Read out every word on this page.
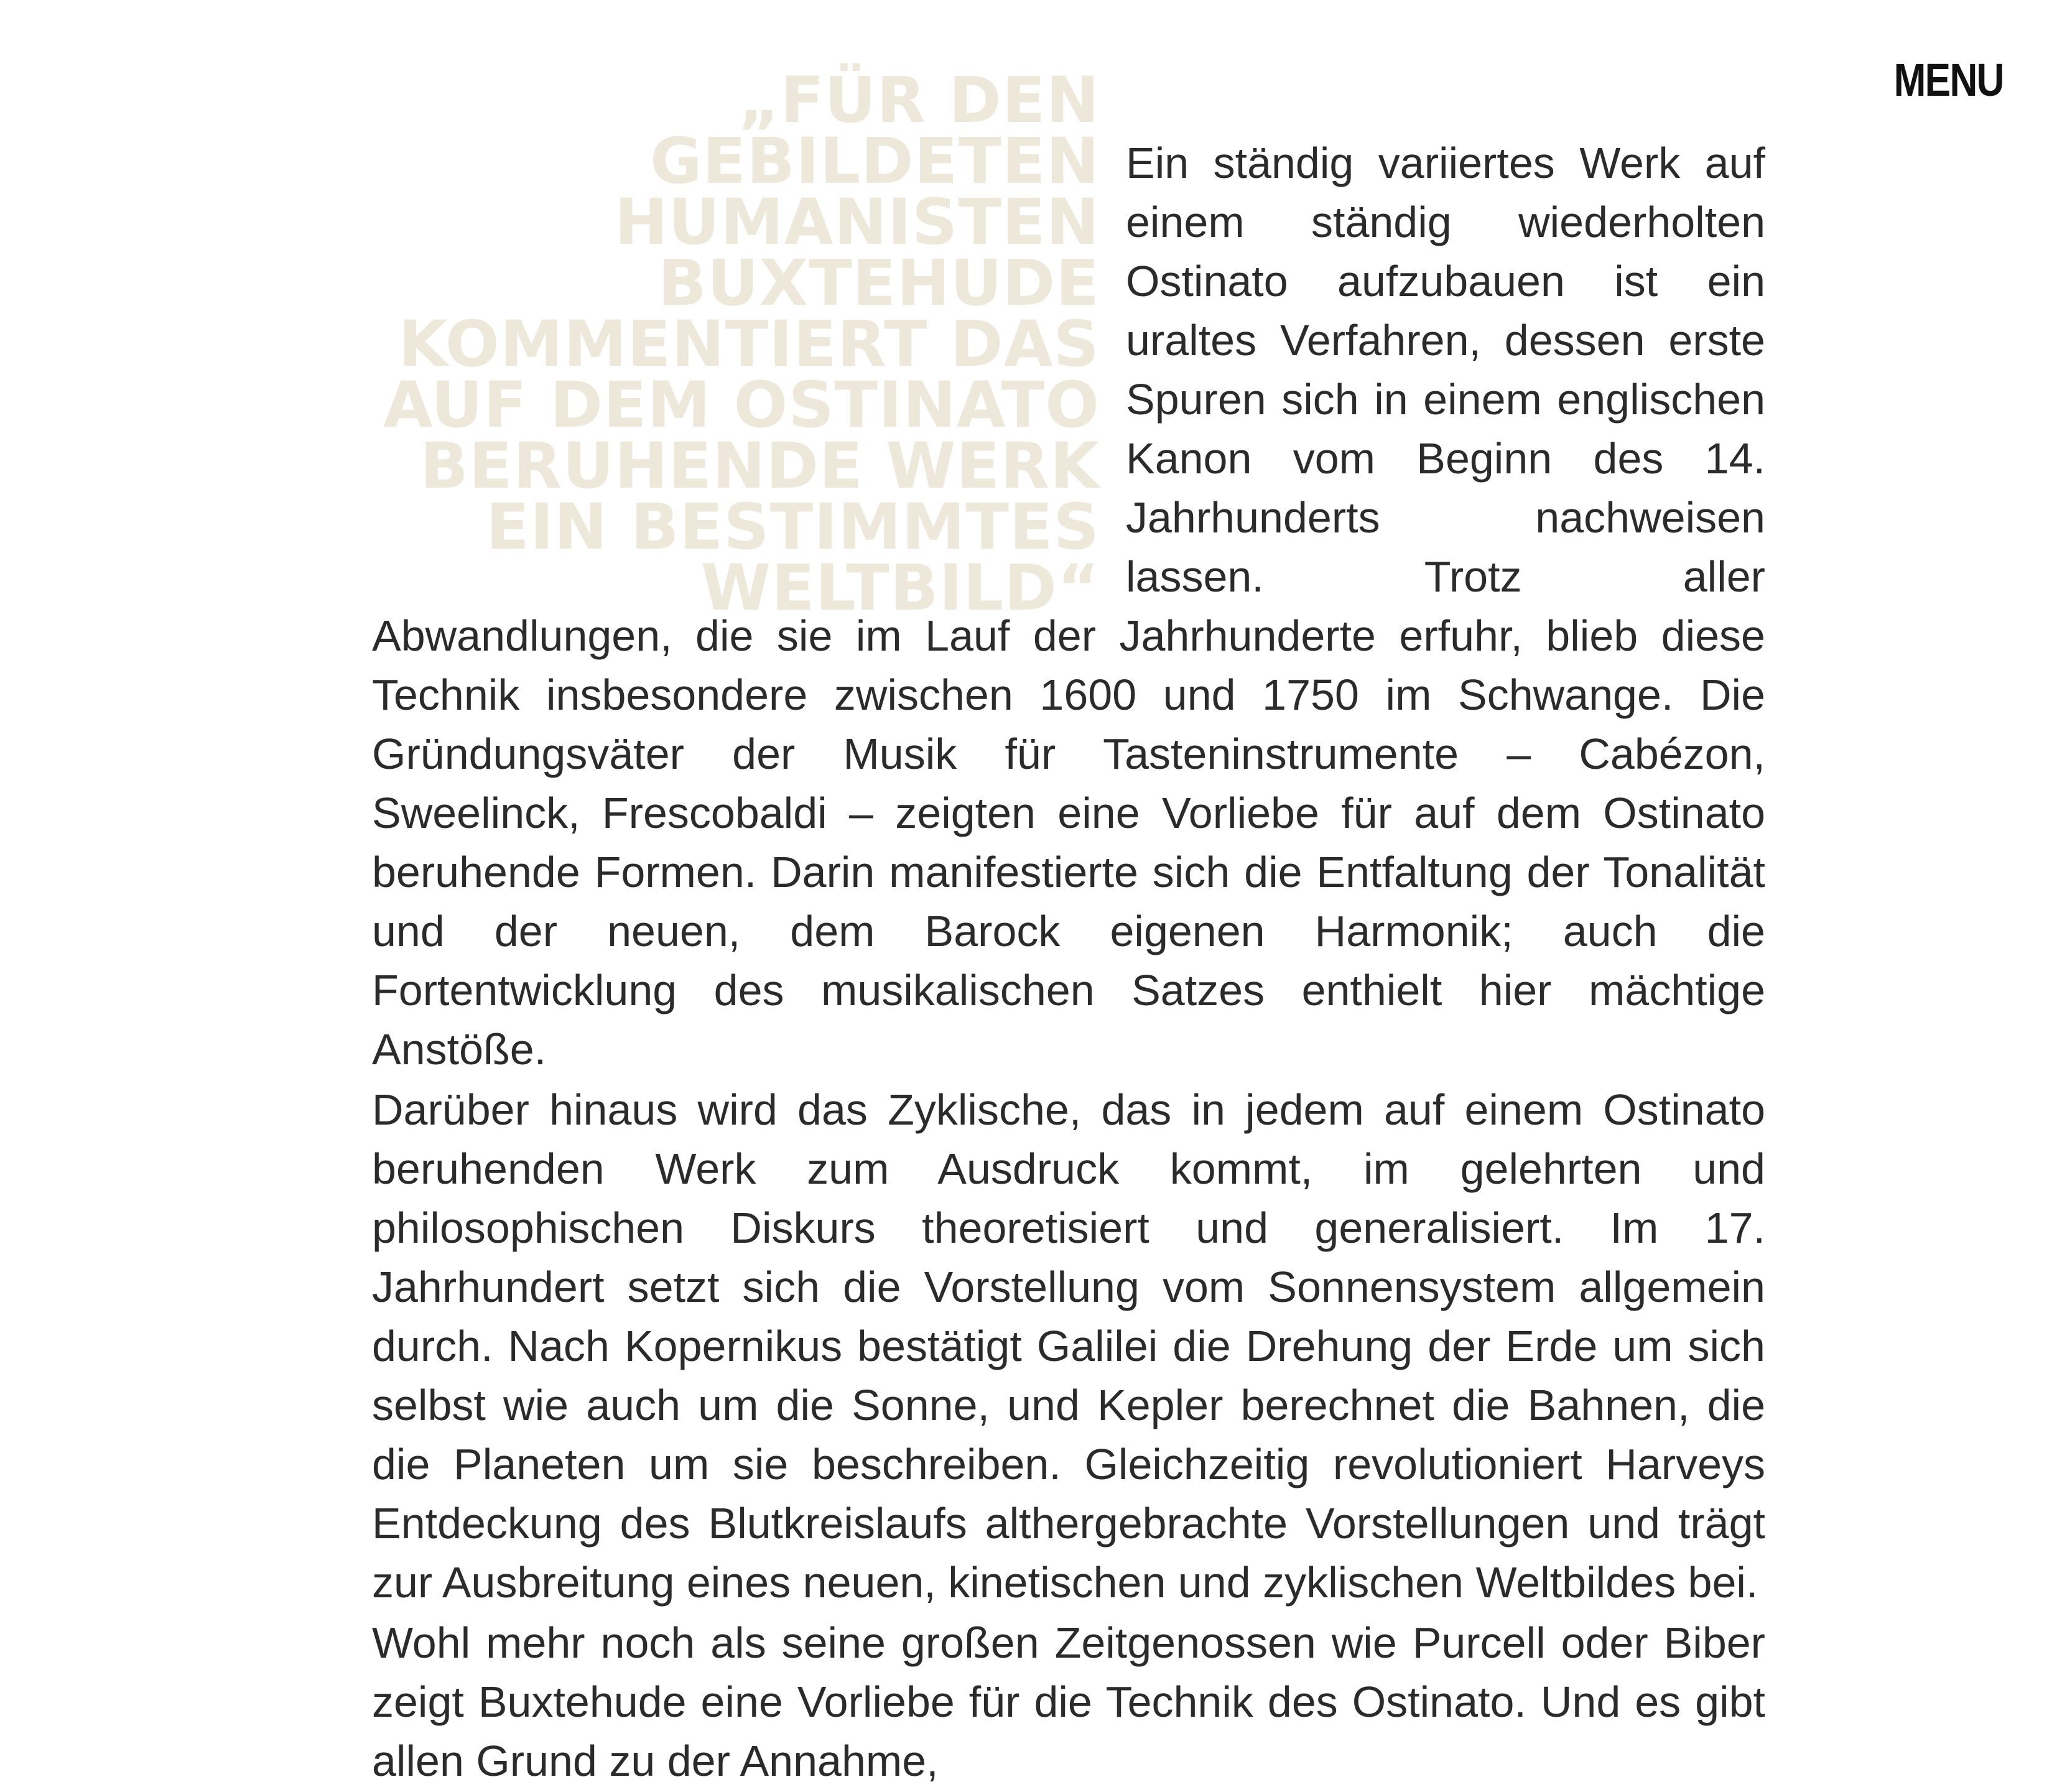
MENU
„FÜR DEN GEBILDETEN
HUMANISTEN
BUXTEHUDE
KOMMENTIERT DAS
AUF DEM OSTINATO
BERUHENDE WERK
EIN BESTIMMTES
WELTBILD“

Ein ständig variiertes Werk auf einem ständig wiederholten Ostinato aufzubauen ist ein uraltes Verfahren, dessen erste Spuren sich in einem englischen Kanon vom Beginn des 14. Jahrhunderts nachweisen lassen. Trotz aller Abwandlungen, die sie im Lauf der Jahrhunderte erfuhr, blieb diese Technik insbesondere zwischen 1600 und 1750 im Schwange. Die Gründungsväter der Musik für Tasteninstrumente – Cabézon, Sweelinck, Frescobaldi – zeigten eine Vorliebe für auf dem Ostinato beruhende Formen. Darin manifestierte sich die Entfaltung der Tonalität und der neuen, dem Barock eigenen Harmonik; auch die Fortentwicklung des musikalischen Satzes enthielt hier mächtige Anstöße.

Darüber hinaus wird das Zyklische, das in jedem auf einem Ostinato beruhenden Werk zum Ausdruck kommt, im gelehrten und philosophischen Diskurs theoretisiert und generalisiert. Im 17. Jahrhundert setzt sich die Vorstellung vom Sonnensystem allgemein durch. Nach Kopernikus bestätigt Galilei die Drehung der Erde um sich selbst wie auch um die Sonne, und Kepler berechnet die Bahnen, die die Planeten um sie beschreiben. Gleichzeitig revolutioniert Harveys Entdeckung des Blutkreislaufs althergebrachte Vorstellungen und trägt zur Ausbreitung eines neuen, kinetischen und zyklischen Weltbildes bei.

Wohl mehr noch als seine großen Zeitgenossen wie Purcell oder Biber zeigt Buxtehude eine Vorliebe für die Technik des Ostinato. Und es gibt allen Grund zu der Annahme,
